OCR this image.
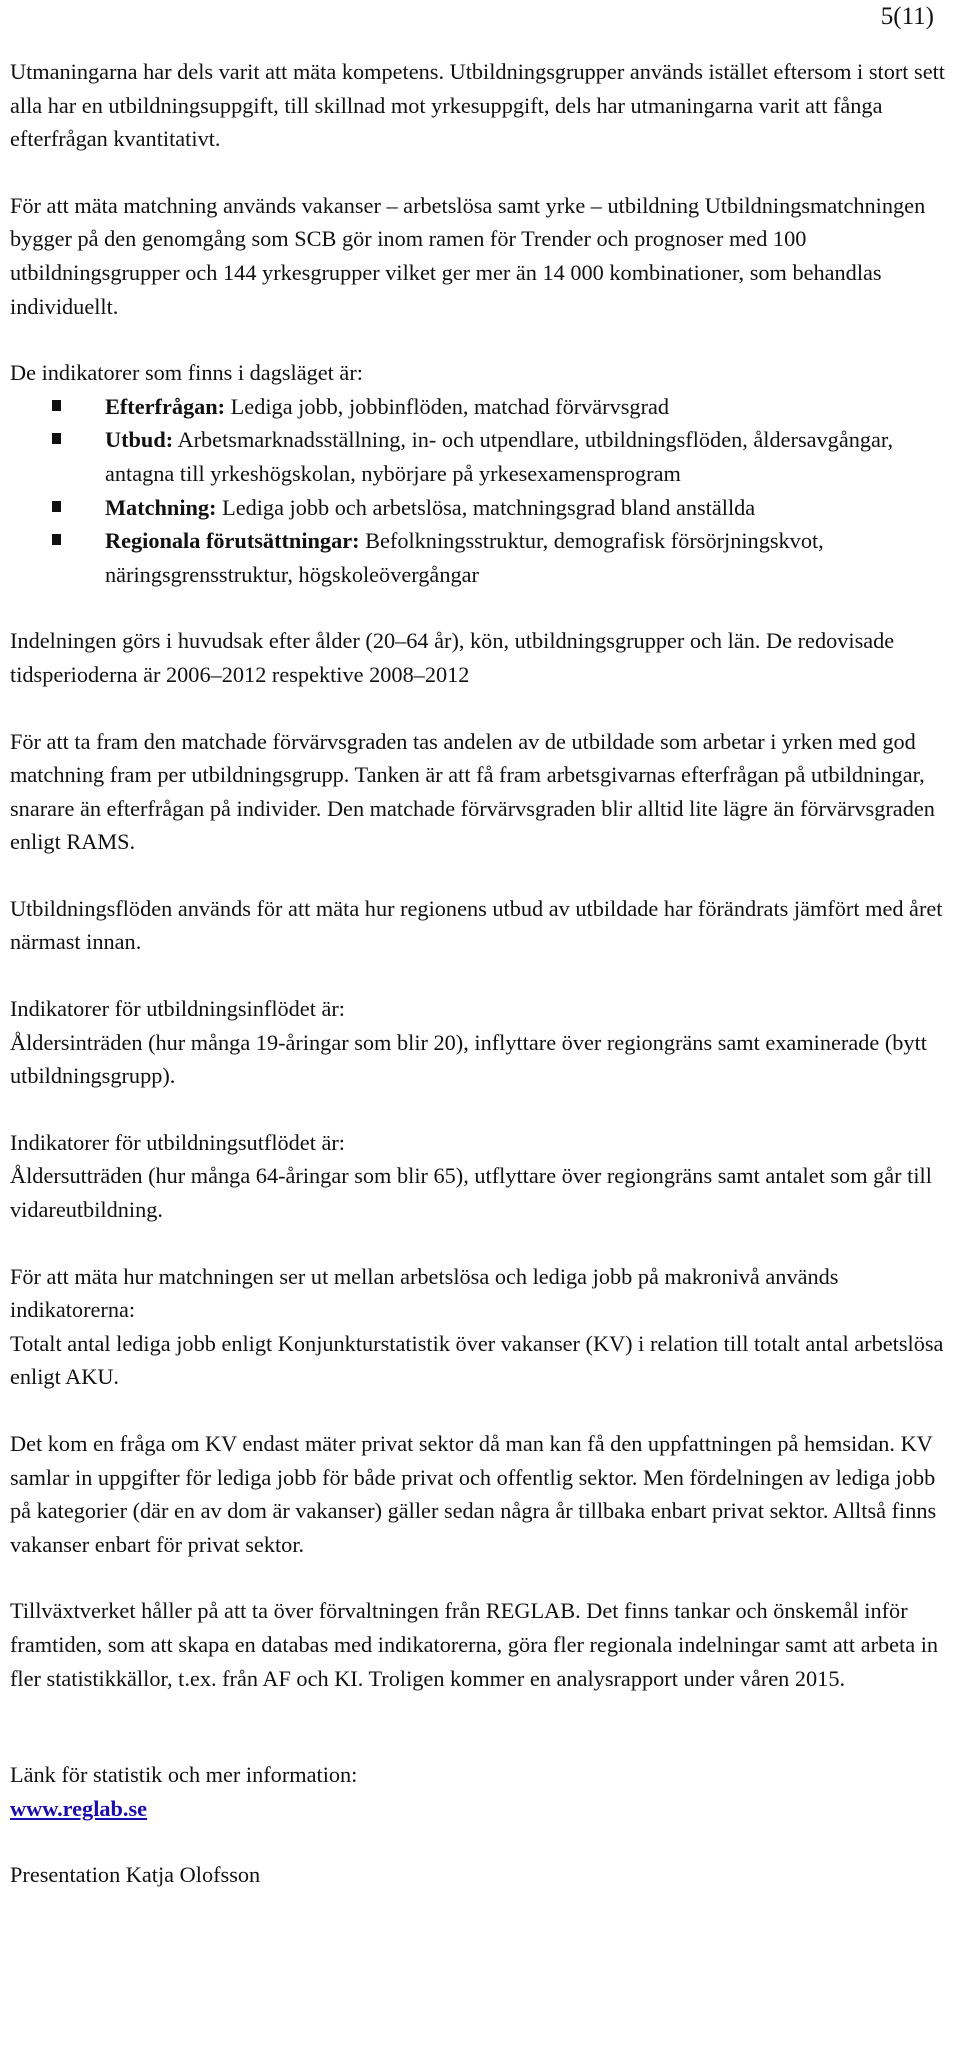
5(11)

Utmaningarna har dels varit att mäta kompetens. Utbildningsgrupper används istället eftersom i stort sett alla har en utbildningsuppgift, till skillnad mot yrkesuppgift, dels har utmaningarna varit att fånga efterfrågan kvantitativt.

För att mäta matchning används vakanser – arbetslösa samt yrke – utbildning Utbildningsmatchningen bygger på den genomgång som SCB gör inom ramen för Trender och prognoser med 100 utbildningsgrupper och 144 yrkesgrupper vilket ger mer än 14 000 kombinationer, som behandlas individuellt.

De indikatorer som finns i dagsläget är:

Efterfrågan: Lediga jobb, jobbinflöden, matchad förvärvsgrad
Utbud: Arbetsmarknadsställning, in- och utpendlare, utbildningsflöden, åldersavgångar, antagna till yrkeshögskolan, nybörjare på yrkesexamensprogram
Matchning: Lediga jobb och arbetslösa, matchningsgrad bland anställda
Regionala förutsättningar: Befolkningsstruktur, demografisk försörjningskvot, näringsgrensstruktur, högskoleövergångar

Indelningen görs i huvudsak efter ålder (20–64 år), kön, utbildningsgrupper och län. De redovisade tidsperioderna är 2006–2012 respektive 2008–2012

För att ta fram den matchade förvärvsgraden tas andelen av de utbildade som arbetar i yrken med god matchning fram per utbildningsgrupp. Tanken är att få fram arbetsgivarnas efterfrågan på utbildningar, snarare än efterfrågan på individer. Den matchade förvärvsgraden blir alltid lite lägre än förvärvsgraden enligt RAMS.

Utbildningsflöden används för att mäta hur regionens utbud av utbildade har förändrats jämfört med året närmast innan.

Indikatorer för utbildningsinflödet är:
Åldersinträden (hur många 19-åringar som blir 20), inflyttare över regiongräns samt examinerade (bytt utbildningsgrupp).

Indikatorer för utbildningsutflödet är:
Åldersutträden (hur många 64-åringar som blir 65), utflyttare över regiongräns samt antalet som går till vidareutbildning.

För att mäta hur matchningen ser ut mellan arbetslösa och lediga jobb på makronivå används indikatorerna:
Totalt antal lediga jobb enligt Konjunkturstatistik över vakanser (KV) i relation till totalt antal arbetslösa enligt AKU.

Det kom en fråga om KV endast mäter privat sektor då man kan få den uppfattningen på hemsidan. KV samlar in uppgifter för lediga jobb för både privat och offentlig sektor. Men fördelningen av lediga jobb på kategorier (där en av dom är vakanser) gäller sedan några år tillbaka enbart privat sektor. Alltså finns vakanser enbart för privat sektor.

Tillväxtverket håller på att ta över förvaltningen från REGLAB. Det finns tankar och önskemål inför framtiden, som att skapa en databas med indikatorerna, göra fler regionala indelningar samt att arbeta in fler statistikkällor, t.ex. från AF och KI. Troligen kommer en analysrapport under våren 2015.

Länk för statistik och mer information:
www.reglab.se

Presentation Katja Olofsson
